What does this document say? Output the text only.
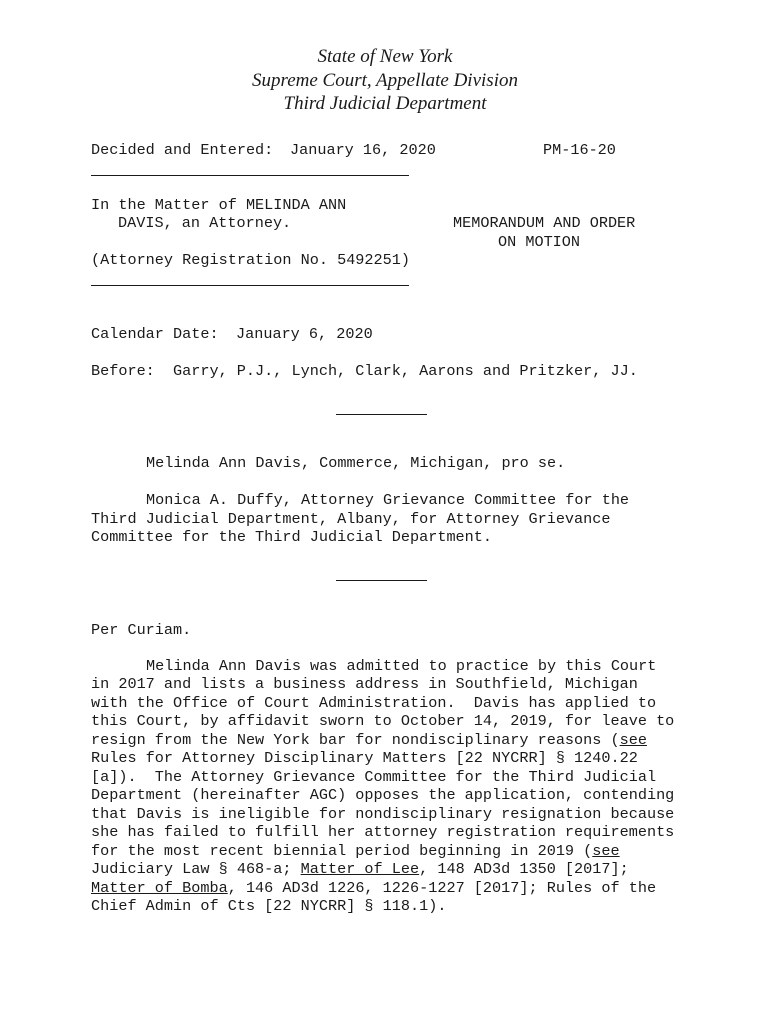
State of New York
Supreme Court, Appellate Division
Third Judicial Department
Decided and Entered: January 16, 2020	PM-16-20
In the Matter of MELINDA ANN
DAVIS, an Attorney.
(Attorney Registration No. 5492251)
MEMORANDUM AND ORDER
ON MOTION
Calendar Date: January 6, 2020
Before: Garry, P.J., Lynch, Clark, Aarons and Pritzker, JJ.
Melinda Ann Davis, Commerce, Michigan, pro se.
Monica A. Duffy, Attorney Grievance Committee for the
Third Judicial Department, Albany, for Attorney Grievance
Committee for the Third Judicial Department.
Per Curiam.
Melinda Ann Davis was admitted to practice by this Court
in 2017 and lists a business address in Southfield, Michigan
with the Office of Court Administration.  Davis has applied to
this Court, by affidavit sworn to October 14, 2019, for leave to
resign from the New York bar for nondisciplinary reasons (see
Rules for Attorney Disciplinary Matters [22 NYCRR] § 1240.22
[a]).  The Attorney Grievance Committee for the Third Judicial
Department (hereinafter AGC) opposes the application, contending
that Davis is ineligible for nondisciplinary resignation because
she has failed to fulfill her attorney registration requirements
for the most recent biennial period beginning in 2019 (see
Judiciary Law § 468-a; Matter of Lee, 148 AD3d 1350 [2017];
Matter of Bomba, 146 AD3d 1226, 1226-1227 [2017]; Rules of the
Chief Admin of Cts [22 NYCRR] § 118.1).
